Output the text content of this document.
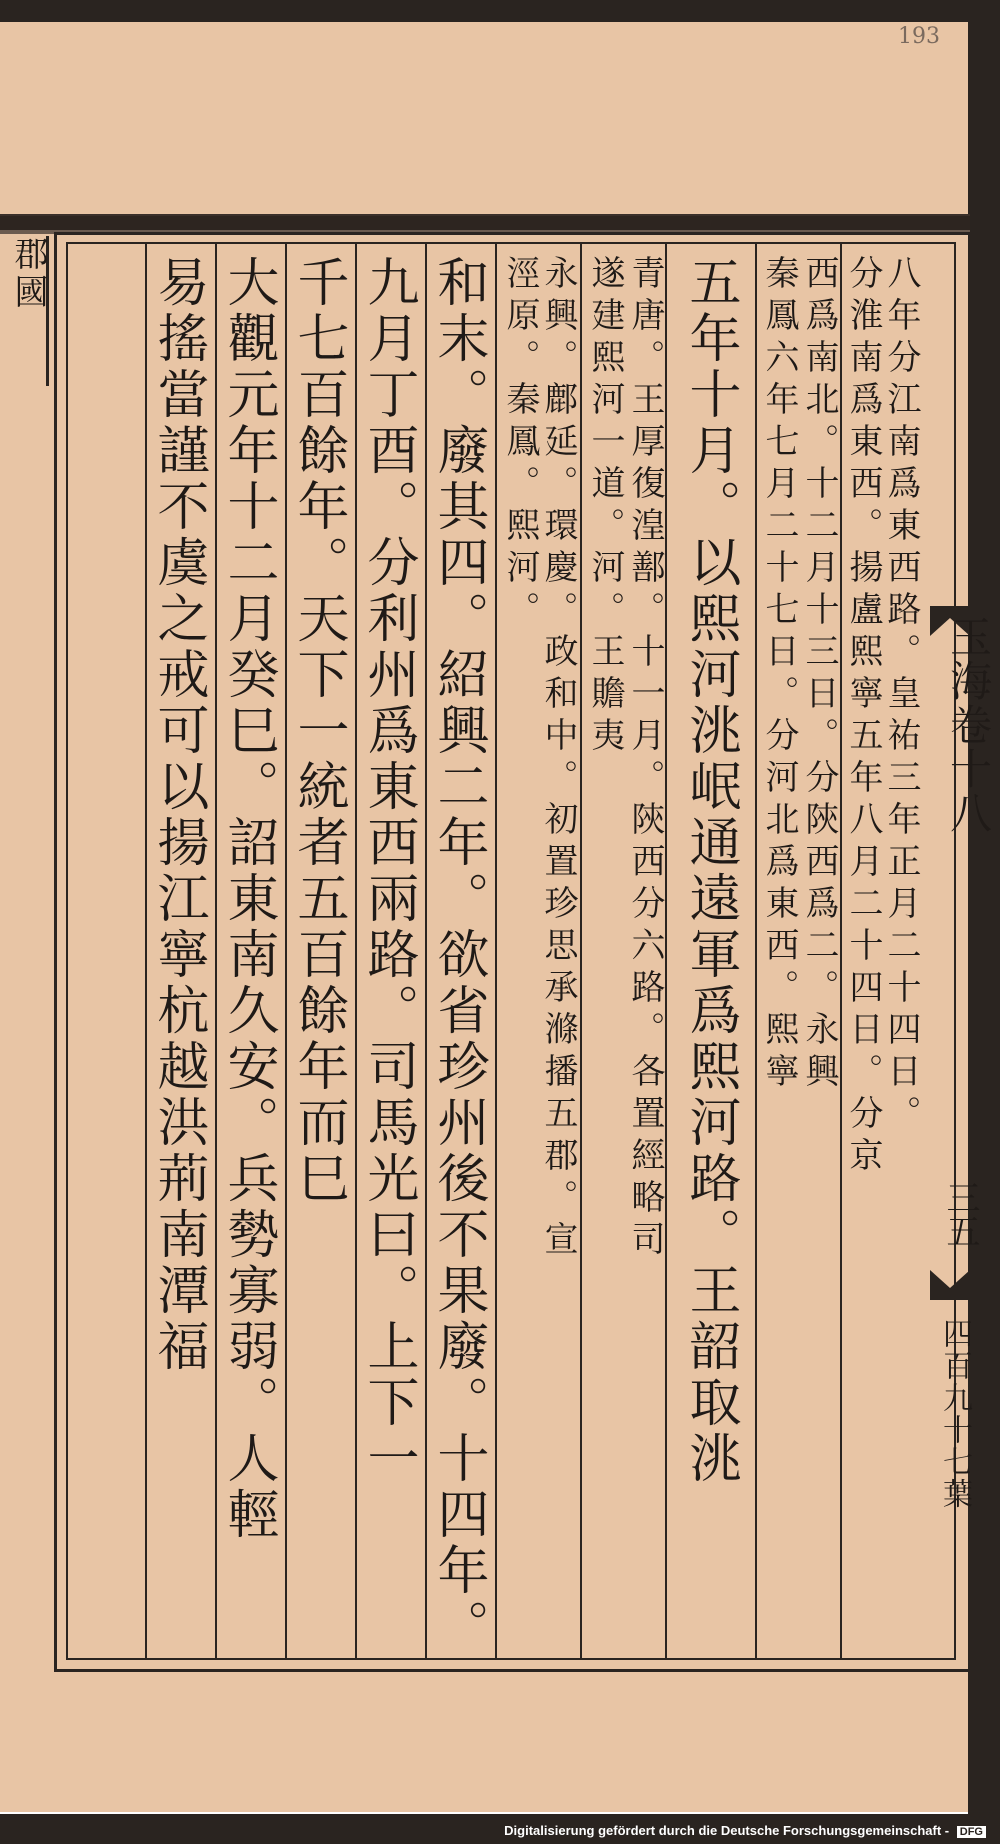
193
郡國	八年分江南爲東西路。皇祐三年正月二十四日。
分淮南爲東西。揚盧熙寧五年八月二十四日。分京
西爲南北。十二月十三日。分陝西爲二。永興
秦鳳六年七月二十七日。分河北爲東西。熙寧
五年十月。以熙河洮岷通遠軍爲熙河路。王韶取洮
青唐。王厚復湟鄯。十一月。陝西分六路。各置經略司
遂建熙河一道。河。王贍夷
永興。鄜延。環慶。政和中。初置珍思承滌播五郡。宣
涇原。秦鳳。熙河。
和末。廢其四。紹興二年。欲省珍州後不果廢。十四年。
九月丁酉。分利州爲東西兩路。司馬光曰。上下一
千七百餘年。天下一統者五百餘年而巳
大觀元年十二月癸巳。詔東南久安。兵勢寡弱。人輕
易搖當謹不虞之戒可以揚江寧杭越洪荊南潭福	玉海卷十八
三五
四百九十七葉
Digitalisierung gefördert durch die Deutsche Forschungsgemeinschaft - DFG
